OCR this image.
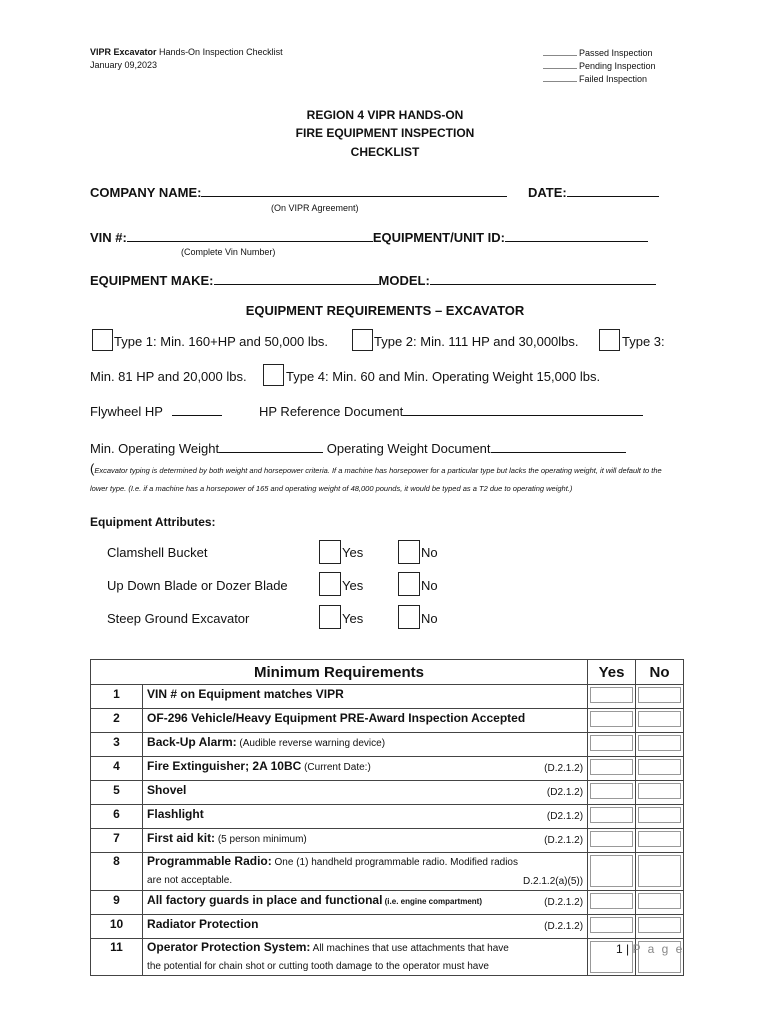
VIPR Excavator Hands-On Inspection Checklist
January 09,2023
Passed Inspection
Pending Inspection
Failed Inspection
REGION 4 VIPR HANDS-ON
FIRE EQUIPMENT INSPECTION
CHECKLIST
COMPANY NAME:	DATE:
(On VIPR Agreement)
VIN #:	EQUIPMENT/UNIT ID:
(Complete Vin Number)
EQUIPMENT MAKE:	MODEL:
EQUIPMENT REQUIREMENTS – EXCAVATOR
Type 1: Min. 160+HP and 50,000 lbs.	Type 2: Min. 111 HP and 30,000lbs.	Type 3:
Min. 81 HP and 20,000 lbs.	Type 4: Min. 60 and Min. Operating Weight 15,000 lbs.
Flywheel HP	HP Reference Document
Min. Operating Weight	Operating Weight Document
(Excavator typing is determined by both weight and horsepower criteria. If a machine has horsepower for a particular type but lacks the operating weight, it will default to the lower type. (I.e. if a machine has a horsepower of 165 and operating weight of 48,000 pounds, it would be typed as a T2 due to operating weight.)
Equipment Attributes:
Clamshell Bucket	Yes	No
Up Down Blade or Dozer Blade	Yes	No
Steep Ground Excavator	Yes	No
Minimum Requirements		Yes	No
1	VIN # on Equipment matches VIPR	

2	OF-296 Vehicle/Heavy Equipment PRE-Award Inspection Accepted	

3	Back-Up Alarm: (Audible reverse warning device)	

4	Fire Extinguisher; 2A 10BC (Current Date:) (D.2.1.2)		

5	Shovel (D2.1.2)		

6	Flashlight (D2.1.2)		

7	First aid kit: (5 person minimum) (D.2.1.2)		

8	Programmable Radio: One (1) handheld programmable radio. Modified radios
are not acceptable. D.2.1.2(a)(5))		

9	All factory guards in place and functional (i.e. engine compartment) (D.2.1.2)		

10	Radiator Protection (D.2.1.2)		

11	Operator Protection System: All machines that use attachments that have
the potential for chain shot or cutting tooth damage to the operator must have	

1 | P a g e
